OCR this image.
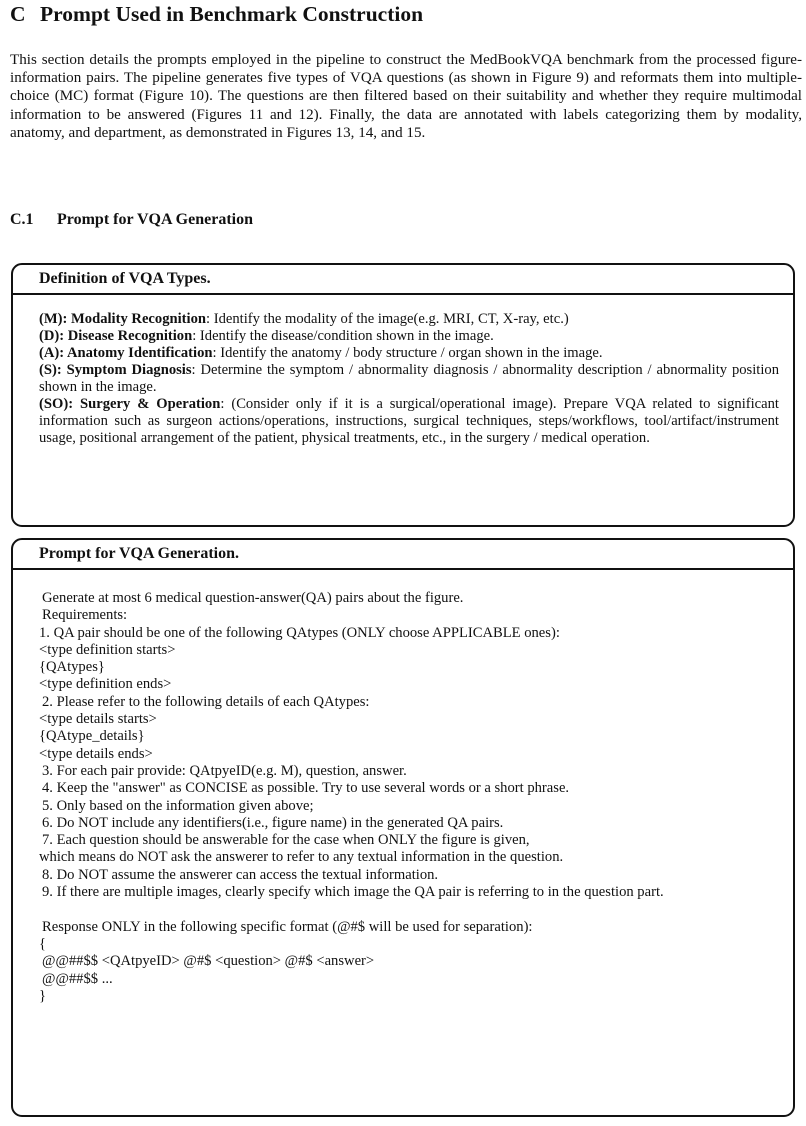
C Prompt Used in Benchmark Construction

This section details the prompts employed in the pipeline to construct the MedBookVQA benchmark from the processed figure-information pairs. The pipeline generates five types of VQA questions (as shown in Figure 9) and reformats them into multiple-choice (MC) format (Figure 10). The questions are then filtered based on their suitability and whether they require multimodal information to be answered (Figures 11 and 12). Finally, the data are annotated with labels categorizing them by modality, anatomy, and department, as demonstrated in Figures 13, 14, and 15.

C.1 Prompt for VQA Generation
Definition of VQA Types.

(M): Modality Recognition: Identify the modality of the image(e.g. MRI, CT, X-ray, etc.)

(D): Disease Recognition: Identify the disease/condition shown in the image.

(A): Anatomy Identification: Identify the anatomy / body structure / organ shown in the image.

(S): Symptom Diagnosis: Determine the symptom / abnormality diagnosis / abnormality description / abnormality position shown in the image.

(SO): Surgery & Operation: (Consider only if it is a surgical/operational image). Prepare VQA related to significant information such as surgeon actions/operations, instructions, surgical techniques, steps/workflows, tool/artifact/instrument usage, positional arrangement of the patient, physical treatments, etc., in the surgery / medical operation.

Prompt for VQA Generation.
Generate at most 6 medical question-answer(QA) pairs about the figure.
Requirements:
1. QA pair should be one of the following QAtypes (ONLY choose APPLICABLE ones):
<type definition starts>
{QAtypes}
<type definition ends>
2. Please refer to the following details of each QAtypes:
<type details starts>
{QAtype_details}
<type details ends>
3. For each pair provide: QAtpyeID(e.g. M), question, answer.
4. Keep the "answer" as CONCISE as possible. Try to use several words or a short phrase.
5. Only based on the information given above;
6. Do NOT include any identifiers(i.e., figure name) in the generated QA pairs.
7. Each question should be answerable for the case when ONLY the figure is given,
which means do NOT ask the answerer to refer to any textual information in the question.
8. Do NOT assume the answerer can access the textual information.
9. If there are multiple images, clearly specify which image the QA pair is referring to in the question part.
Response ONLY in the following specific format (@#$ will be used for separation):
{
@@##$$ <QAtpyeID> @#$ <question> @#$ <answer>
@@##$$ ...
}
